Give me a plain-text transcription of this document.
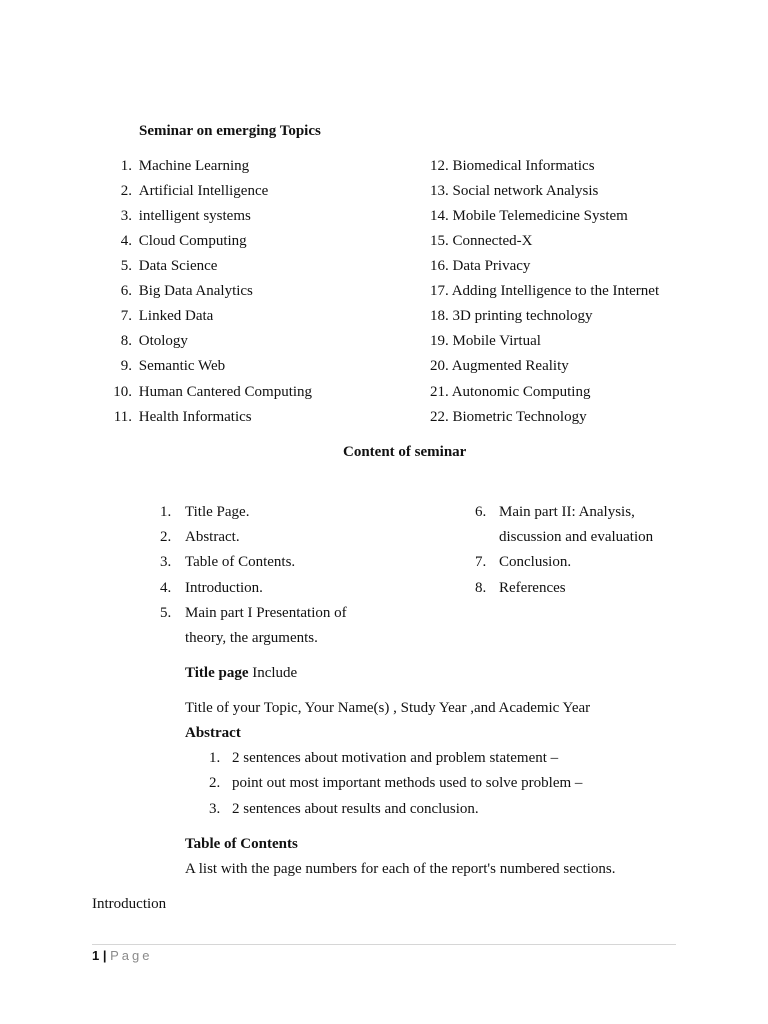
Seminar on emerging Topics
1. Machine Learning
2. Artificial Intelligence
3. intelligent systems
4. Cloud Computing
5. Data Science
6. Big Data Analytics
7. Linked Data
8. Otology
9. Semantic Web
10. Human Cantered Computing
11. Health Informatics
12. Biomedical Informatics
13. Social network Analysis
14. Mobile Telemedicine System
15. Connected-X
16. Data Privacy
17. Adding Intelligence to the Internet
18. 3D printing technology
19. Mobile Virtual
20. Augmented Reality
21. Autonomic Computing
22. Biometric Technology
Content of seminar
1. Title Page.
2. Abstract.
3. Table of Contents.
4. Introduction.
5. Main part I Presentation of
theory, the arguments.
6. Main part II: Analysis,
discussion and evaluation
7. Conclusion.
8. References
Title page Include
Title of your Topic, Your Name(s) , Study Year ,and Academic Year
Abstract
1. 2 sentences about motivation and problem statement –
2. point out most important methods used to solve problem –
3. 2 sentences about results and conclusion.
Table of Contents
A list with the page numbers for each of the report's numbered sections.
Introduction
1 | Page
